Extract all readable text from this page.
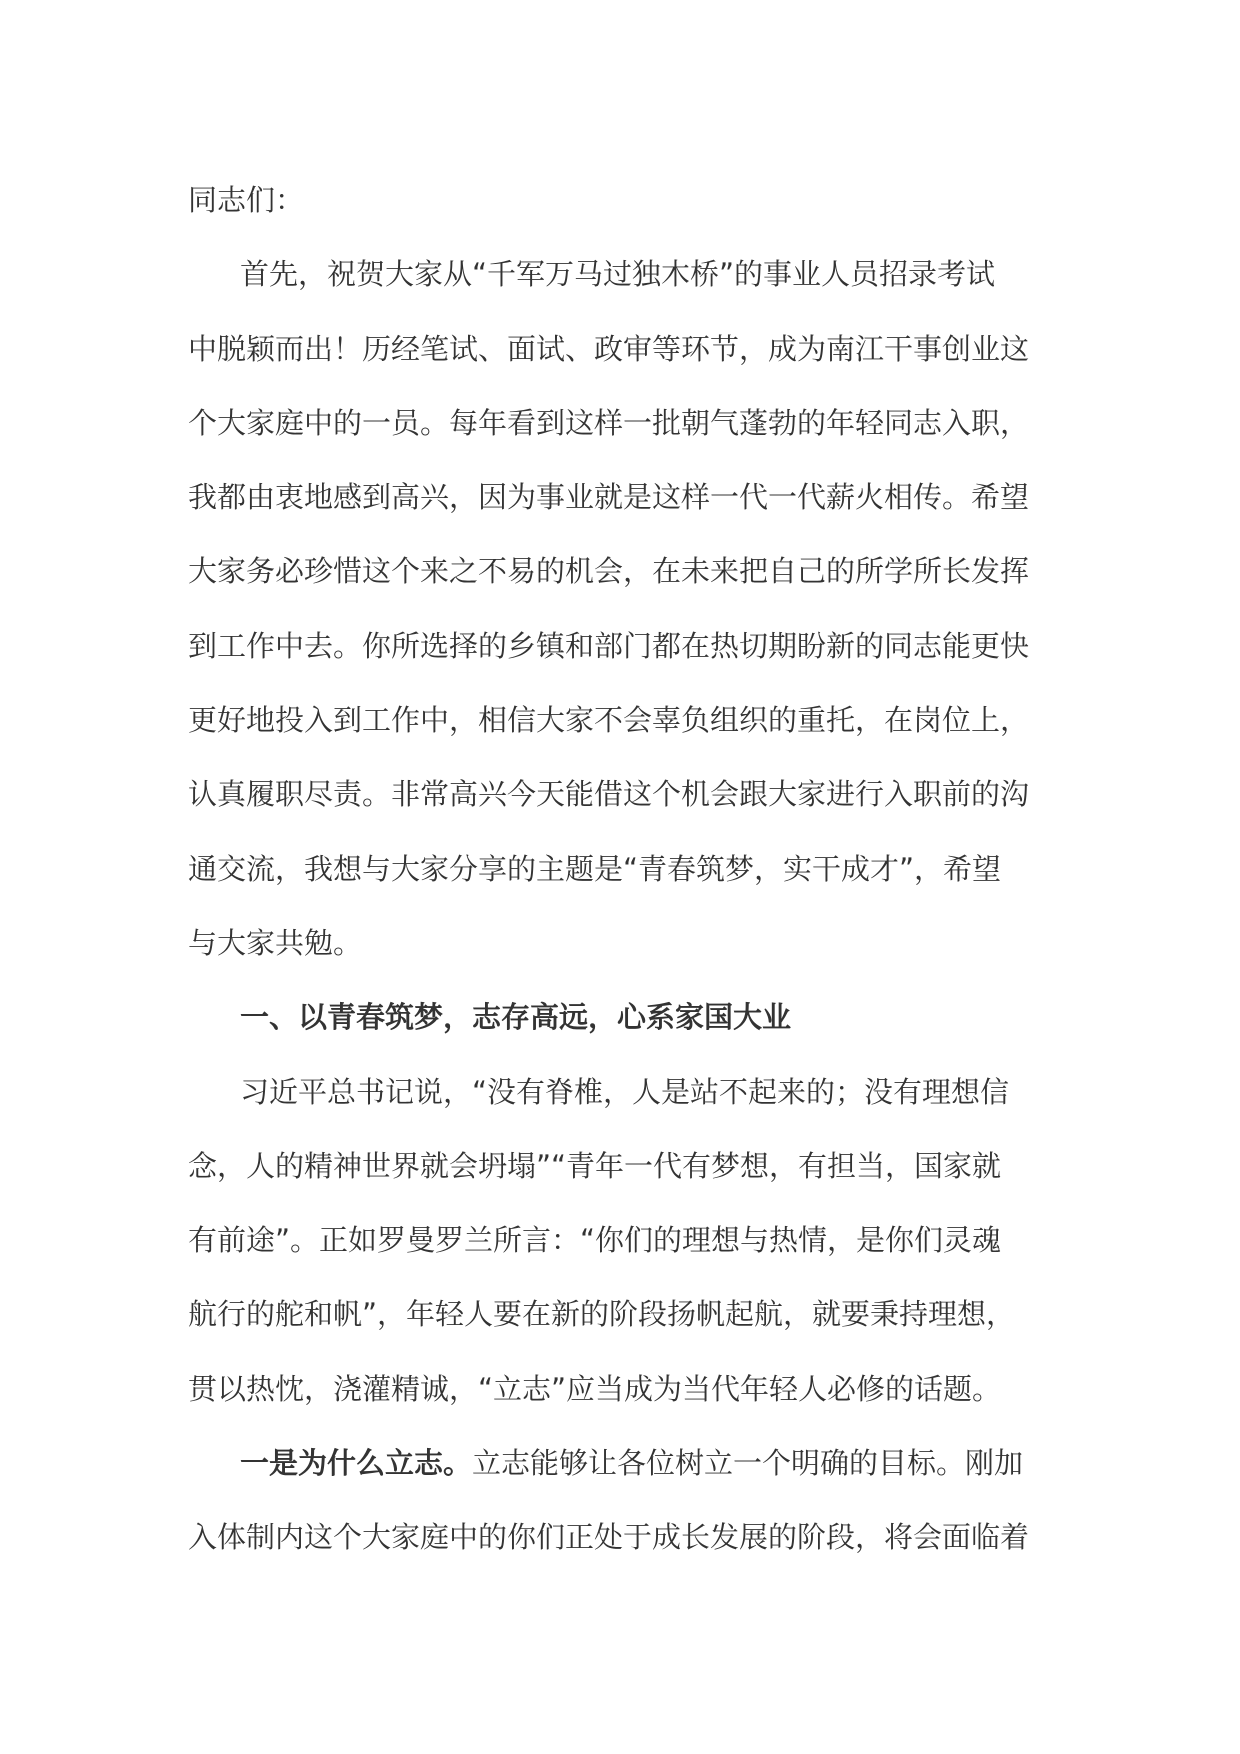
同志们：
首先，祝贺大家从“千军万马过独木桥”的事业人员招录考试
中脱颖而出！历经笔试、面试、政审等环节，成为南江干事创业这
个大家庭中的一员。每年看到这样一批朝气蓬勃的年轻同志入职，
我都由衷地感到高兴，因为事业就是这样一代一代薪火相传。希望
大家务必珍惜这个来之不易的机会，在未来把自己的所学所长发挥
到工作中去。你所选择的乡镇和部门都在热切期盼新的同志能更快
更好地投入到工作中，相信大家不会辜负组织的重托，在岗位上，
认真履职尽责。非常高兴今天能借这个机会跟大家进行入职前的沟
通交流，我想与大家分享的主题是“青春筑梦，实干成才”，希望
与大家共勉。
一、以青春筑梦，志存高远，心系家国大业
习近平总书记说，“没有脊椎，人是站不起来的；没有理想信
念，人的精神世界就会坍塌”“青年一代有梦想，有担当，国家就
有前途”。正如罗曼罗兰所言：“你们的理想与热情，是你们灵魂
航行的舵和帆”，年轻人要在新的阶段扬帆起航，就要秉持理想，
贯以热忱，浇灌精诚，“立志”应当成为当代年轻人必修的话题。
一是为什么立志。立志能够让各位树立一个明确的目标。刚加
入体制内这个大家庭中的你们正处于成长发展的阶段，将会面临着
